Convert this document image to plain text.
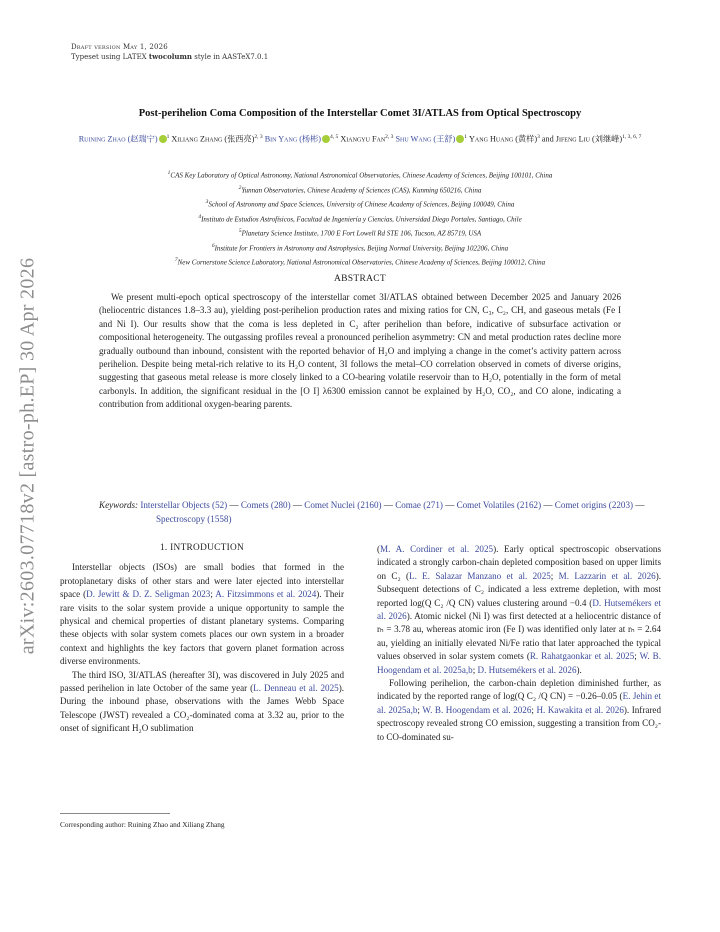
arXiv:2603.07718v2 [astro-ph.EP] 30 Apr 2026
Draft version May 1, 2026
Typeset using LATEX twocolumn style in AASTeX7.0.1
Post-perihelion Coma Composition of the Interstellar Comet 3I/ATLAS from Optical Spectroscopy
Ruining Zhao (赵瑞宁) $^1$ Xiliang Zhang (张西亮)$^{2, 3}$ Bin Yang (杨彬) $^{4, 5}$ Xiangyu Fan$^{2, 3}$ Shu Wang (王舒) $^1$ Yang Huang (黄样)$^3$ and Jifeng Liu (刘继峰)$^{1, 3, 6, 7}$
$^1$CAS Key Laboratory of Optical Astronomy, National Astronomical Observatories, Chinese Academy of Sciences, Beijing 100101, China
$^2$Yunnan Observatories, Chinese Academy of Sciences (CAS), Kunming 650216, China
$^3$School of Astronomy and Space Sciences, University of Chinese Academy of Sciences, Beijing 100049, China
$^4$Instituto de Estudios Astrofísicos, Facultad de Ingeniería y Ciencias, Universidad Diego Portales, Santiago, Chile
$^5$Planetary Science Institute, 1700 E Fort Lowell Rd STE 106, Tucson, AZ 85719, USA
$^6$Institute for Frontiers in Astronomy and Astrophysics, Beijing Normal University, Beijing 102206, China
$^7$New Cornerstone Science Laboratory, National Astronomical Observatories, Chinese Academy of Sciences, Beijing 100012, China
ABSTRACT
We present multi-epoch optical spectroscopy of the interstellar comet 3I/ATLAS obtained between December 2025 and January 2026 (heliocentric distances 1.8–3.3 au), yielding post-perihelion production rates and mixing ratios for CN, C₃, C₂, CH, and gaseous metals (Fe I and Ni I). Our results show that the coma is less depleted in C₂ after perihelion than before, indicative of subsurface activation or compositional heterogeneity. The outgassing profiles reveal a pronounced perihelion asymmetry: CN and metal production rates decline more gradually outbound than inbound, consistent with the reported behavior of H₂O and implying a change in the comet’s activity pattern across perihelion. Despite being metal-rich relative to its H₂O content, 3I follows the metal–CO correlation observed in comets of diverse origins, suggesting that gaseous metal release is more closely linked to a CO-bearing volatile reservoir than to H₂O, potentially in the form of metal carbonyls. In addition, the significant residual in the [O I] λ6300 emission cannot be explained by H₂O, CO₂, and CO alone, indicating a contribution from additional oxygen-bearing parents.
Keywords: Interstellar Objects (52) — Comets (280) — Comet Nuclei (2160) — Comae (271) — Comet Volatiles (2162) — Comet origins (2203) — Spectroscopy (1558)
1. INTRODUCTION

Interstellar objects (ISOs) are small bodies that formed in the protoplanetary disks of other stars and were later ejected into interstellar space (D. Jewitt & D. Z. Seligman 2023; A. Fitzsimmons et al. 2024). Their rare visits to the solar system provide a unique opportunity to sample the physical and chemical properties of distant planetary systems. Comparing these objects with solar system comets places our own system in a broader context and highlights the key factors that govern planet formation across diverse environments.

The third ISO, 3I/ATLAS (hereafter 3I), was discovered in July 2025 and passed perihelion in late October of the same year (L. Denneau et al. 2025). During the inbound phase, observations with the James Webb Space Telescope (JWST) revealed a CO₂-dominated coma at 3.32 au, prior to the onset of significant H₂O sublimation

(M. A. Cordiner et al. 2025). Early optical spectroscopic observations indicated a strongly carbon-chain depleted composition based on upper limits on C₂ (L. E. Salazar Manzano et al. 2025; M. Lazzarin et al. 2026). Subsequent detections of C₂ indicated a less extreme depletion, with most reported log(Q C₂ /Q CN) values clustering around −0.4 (D. Hutsemékers et al. 2026). Atomic nickel (Ni I) was first detected at a heliocentric distance of rₕ = 3.78 au, whereas atomic iron (Fe I) was identified only later at rₕ = 2.64 au, yielding an initially elevated Ni/Fe ratio that later approached the typical values observed in solar system comets (R. Rahatgaonkar et al. 2025; W. B. Hoogendam et al. 2025a,b; D. Hutsemékers et al. 2026).

Following perihelion, the carbon-chain depletion diminished further, as indicated by the reported range of log(Q C₂ /Q CN) = −0.26–0.05 (E. Jehin et al. 2025a,b; W. B. Hoogendam et al. 2026; H. Kawakita et al. 2026). Infrared spectroscopy revealed strong CO emission, suggesting a transition from CO₂- to CO-dominated su-

Corresponding author: Ruining Zhao and Xiliang Zhang
